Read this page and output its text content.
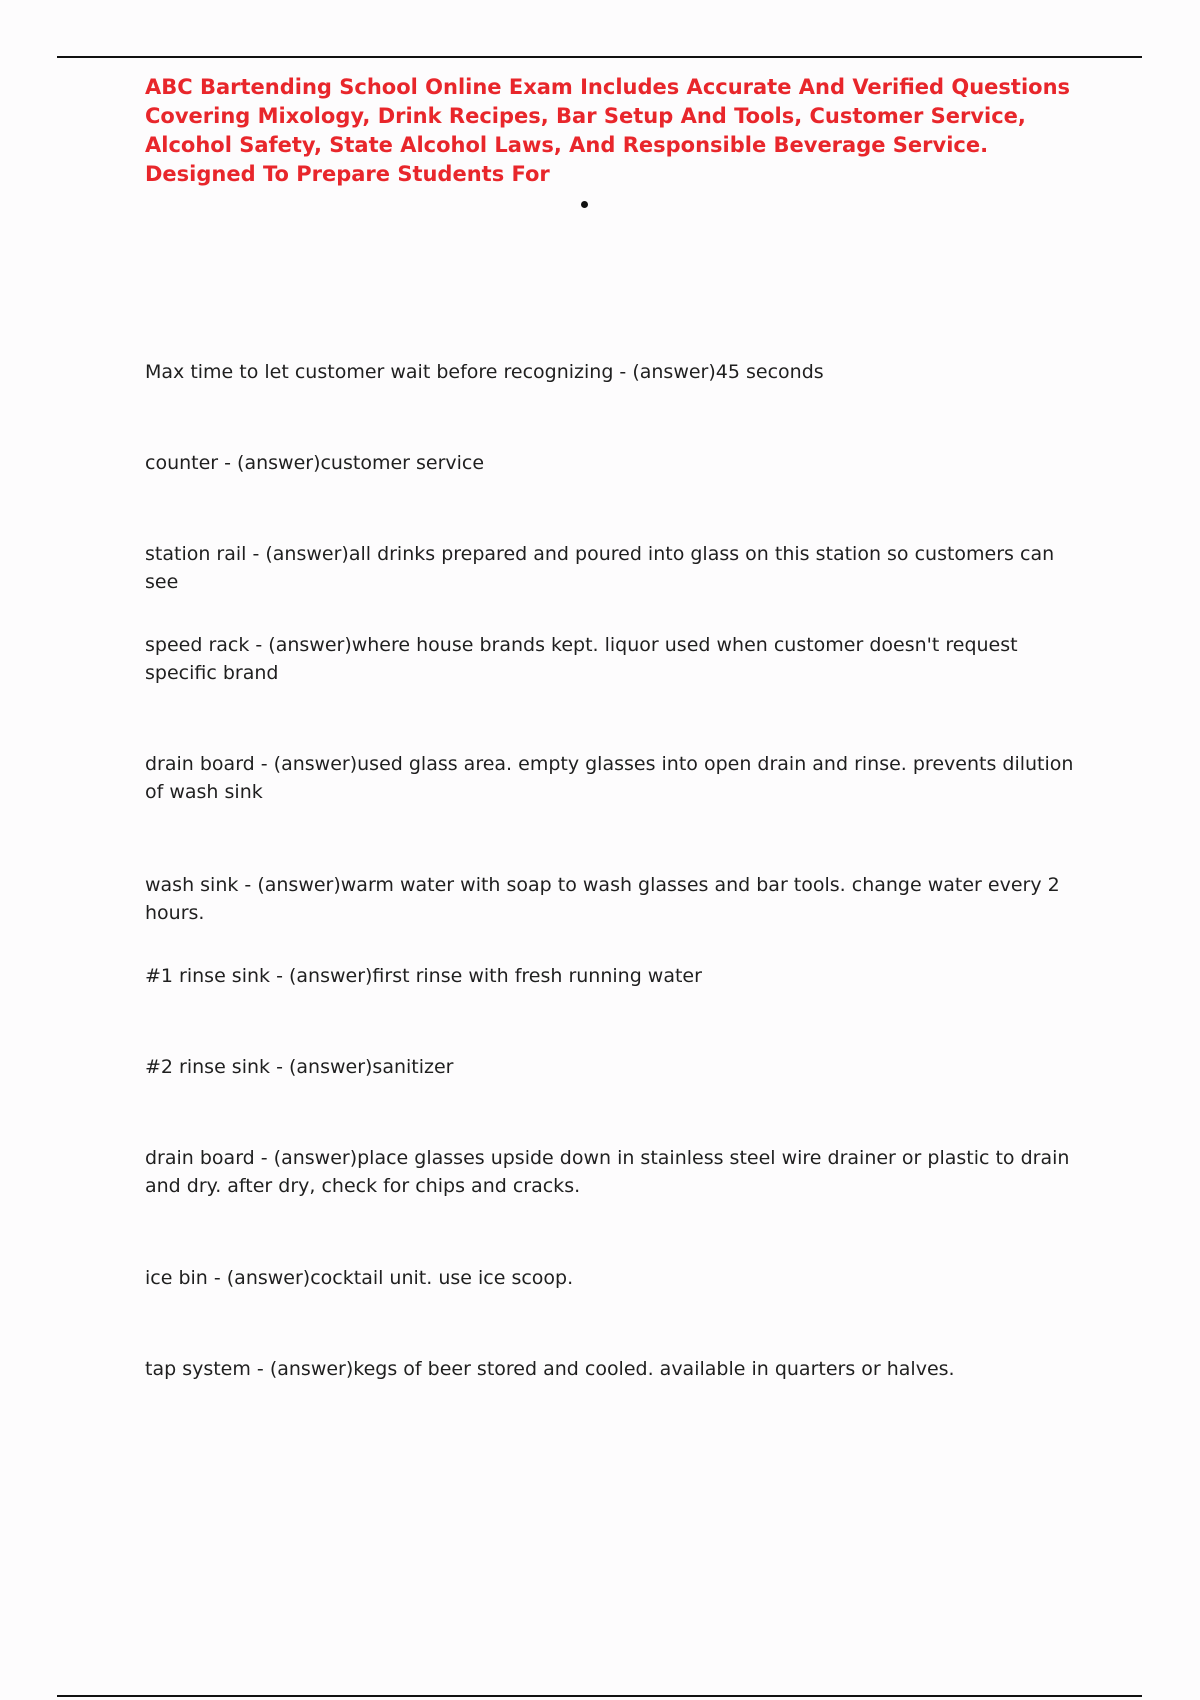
ABC Bartending School Online Exam Includes Accurate And Verified Questions Covering Mixology, Drink Recipes, Bar Setup And Tools, Customer Service, Alcohol Safety, State Alcohol Laws, And Responsible Beverage Service. Designed To Prepare Students For

Max time to let customer wait before recognizing - (answer)45 seconds

counter - (answer)customer service

station rail - (answer)all drinks prepared and poured into glass on this station so customers can see

speed rack - (answer)where house brands kept. liquor used when customer doesn't request specific brand

drain board - (answer)used glass area. empty glasses into open drain and rinse. prevents dilution of wash sink

wash sink - (answer)warm water with soap to wash glasses and bar tools. change water every 2 hours.

#1 rinse sink - (answer)first rinse with fresh running water

#2 rinse sink - (answer)sanitizer

drain board - (answer)place glasses upside down in stainless steel wire drainer or plastic to drain and dry. after dry, check for chips and cracks.

ice bin - (answer)cocktail unit. use ice scoop.

tap system - (answer)kegs of beer stored and cooled. available in quarters or halves.
